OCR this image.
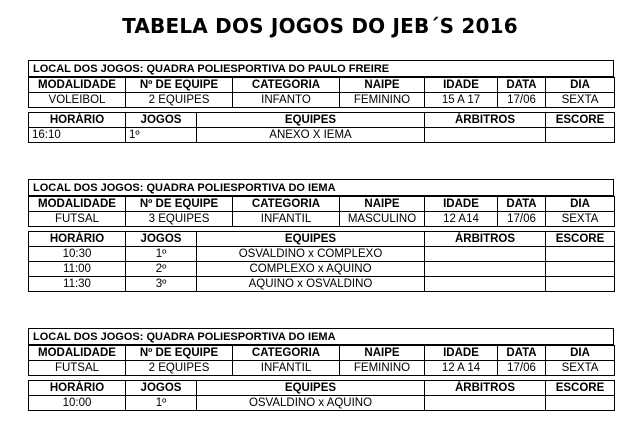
TABELA DOS JOGOS DO JEB´S 2016
LOCAL DOS JOGOS: QUADRA POLIESPORTIVA DO PAULO FREIRE
MODALIDADE	Nº DE EQUIPE	CATEGORIA	NAIPE	IDADE	DATA	DIA
VOLEIBOL	2 EQUIPES	INFANTO	FEMININO	15 A 17	17/06	SEXTA
HORÁRIO	JOGOS	EQUIPES	ÁRBITROS	ESCORE
16:10	1º	ANEXO X IEMA		
LOCAL DOS JOGOS: QUADRA POLIESPORTIVA DO IEMA
MODALIDADE	Nº DE EQUIPE	CATEGORIA	NAIPE	IDADE	DATA	DIA
FUTSAL	3 EQUIPES	INFANTIL	MASCULINO	12 A14	17/06	SEXTA
HORÁRIO	JOGOS	EQUIPES	ÁRBITROS	ESCORE
10:30	1º	OSVALDINO x COMPLEXO		
11:00	2º	COMPLEXO x AQUINO		
11:30	3º	AQUINO x OSVALDINO		
LOCAL DOS JOGOS: QUADRA POLIESPORTIVA DO IEMA
MODALIDADE	Nº DE EQUIPE	CATEGORIA	NAIPE	IDADE	DATA	DIA
FUTSAL	2 EQUIPES	INFANTIL	FEMININO	12 A 14	17/06	SEXTA
HORÁRIO	JOGOS	EQUIPES	ÁRBITROS	ESCORE
10:00	1º	OSVALDINO x AQUINO		
